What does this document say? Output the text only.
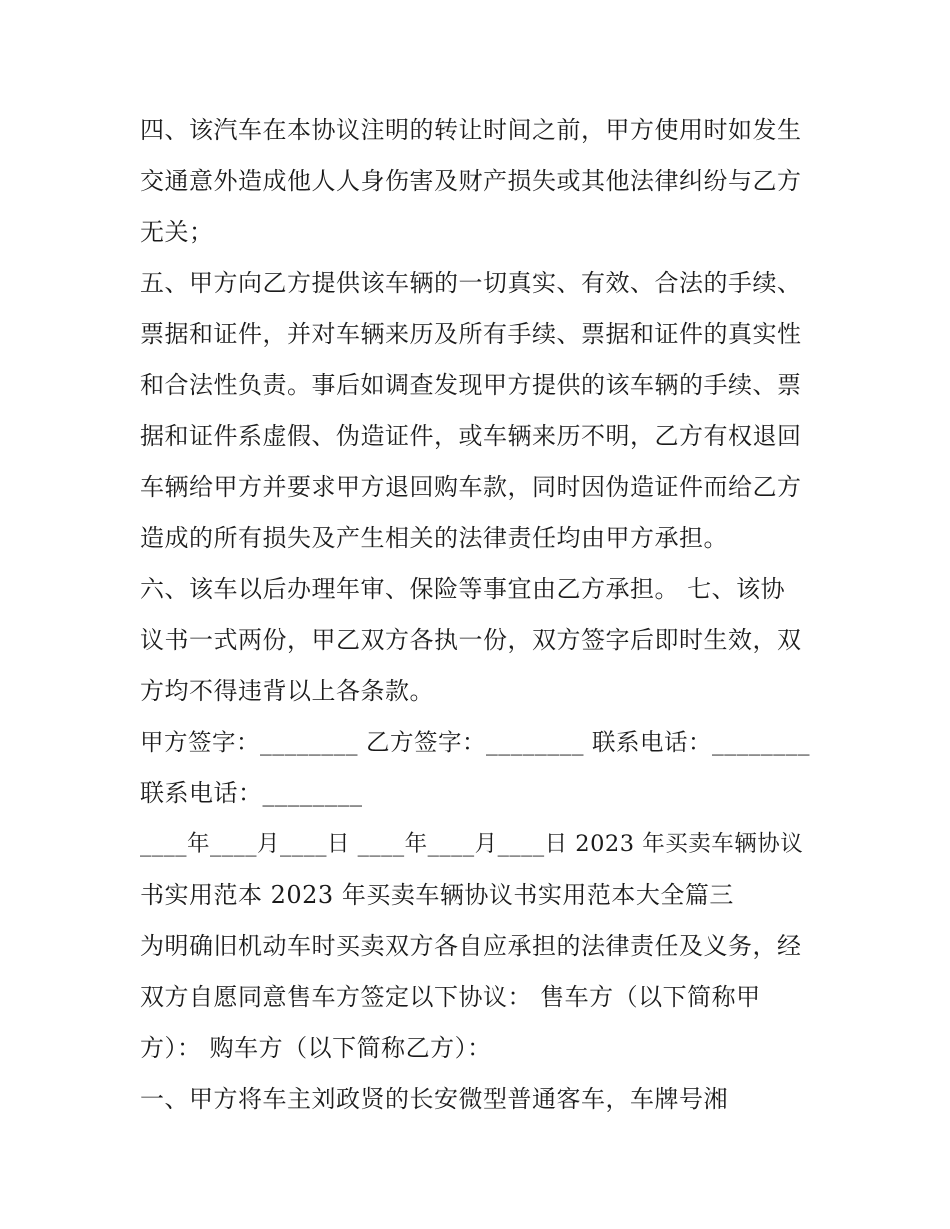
四、该汽车在本协议注明的转让时间之前，甲方使用时如发生
交通意外造成他人人身伤害及财产损失或其他法律纠纷与乙方
无关；
五、甲方向乙方提供该车辆的一切真实、有效、合法的手续、
票据和证件，并对车辆来历及所有手续、票据和证件的真实性
和合法性负责。事后如调查发现甲方提供的该车辆的手续、票
据和证件系虚假、伪造证件，或车辆来历不明，乙方有权退回
车辆给甲方并要求甲方退回购车款，同时因伪造证件而给乙方
造成的所有损失及产生相关的法律责任均由甲方承担。
六、该车以后办理年审、保险等事宜由乙方承担。 七、该协
议书一式两份，甲乙双方各执一份，双方签字后即时生效，双
方均不得违背以上各条款。
甲方签字：________ 乙方签字：________ 联系电话：________
联系电话：________
____年____月____日 ____年____月____日 2023 年买卖车辆协议
书实用范本 2023 年买卖车辆协议书实用范本大全篇三
为明确旧机动车时买卖双方各自应承担的法律责任及义务，经
双方自愿同意售车方签定以下协议： 售车方（以下简称甲
方）： 购车方（以下简称乙方）：
一、甲方将车主刘政贤的长安微型普通客车，车牌号湘
